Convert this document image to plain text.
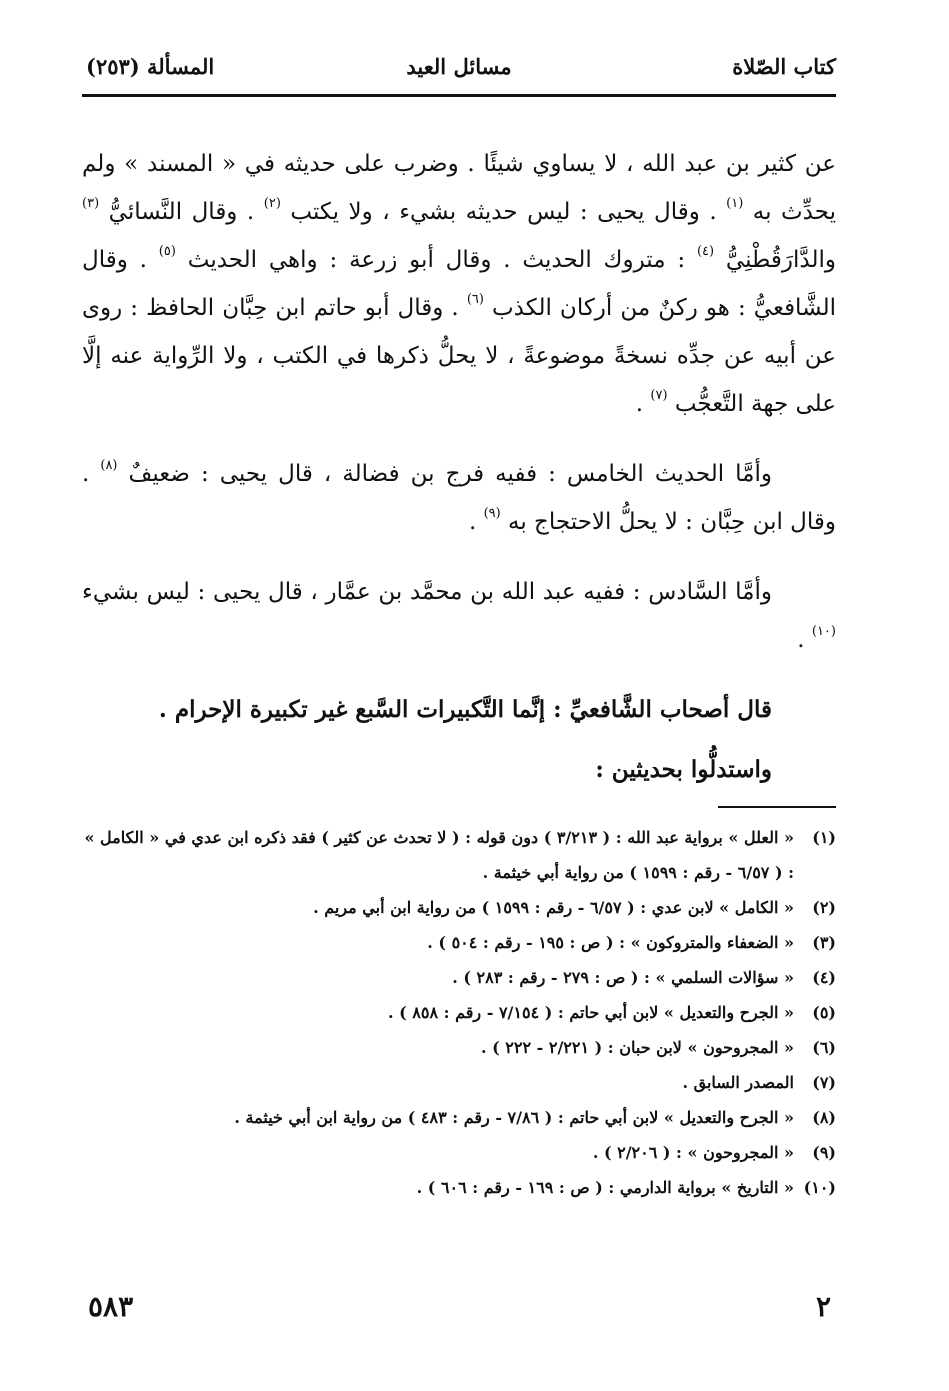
كتاب الصّلاة
مسائل العيد
المسألة (٢٥٣)

عن كثير بن عبد الله ، لا يساوي شيئًا . وضرب على حديثه في « المسند » ولم يحدِّث به $^{(١)}$ . وقال يحيى : ليس حديثه بشيء ، ولا يكتب $^{(٢)}$ . وقال النَّسائيُّ $^{(٣)}$ والدَّارَقُطْنِيُّ $^{(٤)}$ : متروك الحديث . وقال أبو زرعة : واهي الحديث $^{(٥)}$ . وقال الشَّافعيُّ : هو ركنٌ من أركان الكذب $^{(٦)}$ . وقال أبو حاتم ابن حِبَّان الحافظ : روى عن أبيه عن جدِّه نسخةً موضوعةً ، لا يحلُّ ذكرها في الكتب ، ولا الرِّواية عنه إلَّا على جهة التَّعجُّب $^{(٧)}$ .

وأمَّا الحديث الخامس : ففيه فرج بن فضالة ، قال يحيى : ضعيفٌ $^{(٨)}$ . وقال ابن حِبَّان : لا يحلُّ الاحتجاج به $^{(٩)}$ .

وأمَّا السَّادس : ففيه عبد الله بن محمَّد بن عمَّار ، قال يحيى : ليس بشيء $^{(١٠)}$ .

قال أصحاب الشَّافعيِّ : إنَّما التَّكبيرات السَّبع غير تكبيرة الإحرام .

واستدلُّوا بحديثين :

(١)
« العلل » برواية عبد الله : ( ٣/٢١٣ ) دون قوله : ( لا تحدث عن كثير ) فقد ذكره ابن عدي في « الكامل » : ( ٦/٥٧ - رقم : ١٥٩٩ ) من رواية أبي خيثمة .
(٢)
« الكامل » لابن عدي : ( ٦/٥٧ - رقم : ١٥٩٩ ) من رواية ابن أبي مريم .
(٣)
« الضعفاء والمتروكون » : ( ص : ١٩٥ - رقم : ٥٠٤ ) .
(٤)
« سؤالات السلمي » : ( ص : ٢٧٩ - رقم : ٢٨٣ ) .
(٥)
« الجرح والتعديل » لابن أبي حاتم : ( ٧/١٥٤ - رقم : ٨٥٨ ) .
(٦)
« المجروحون » لابن حبان : ( ٢/٢٢١ - ٢٢٢ ) .
(٧)
المصدر السابق .
(٨)
« الجرح والتعديل » لابن أبي حاتم : ( ٧/٨٦ - رقم : ٤٨٣ ) من رواية ابن أبي خيثمة .
(٩)
« المجروحون » : ( ٢/٢٠٦ ) .
(١٠)
« التاريخ » برواية الدارمي : ( ص : ١٦٩ - رقم : ٦٠٦ ) .
٥٨٣	٢
